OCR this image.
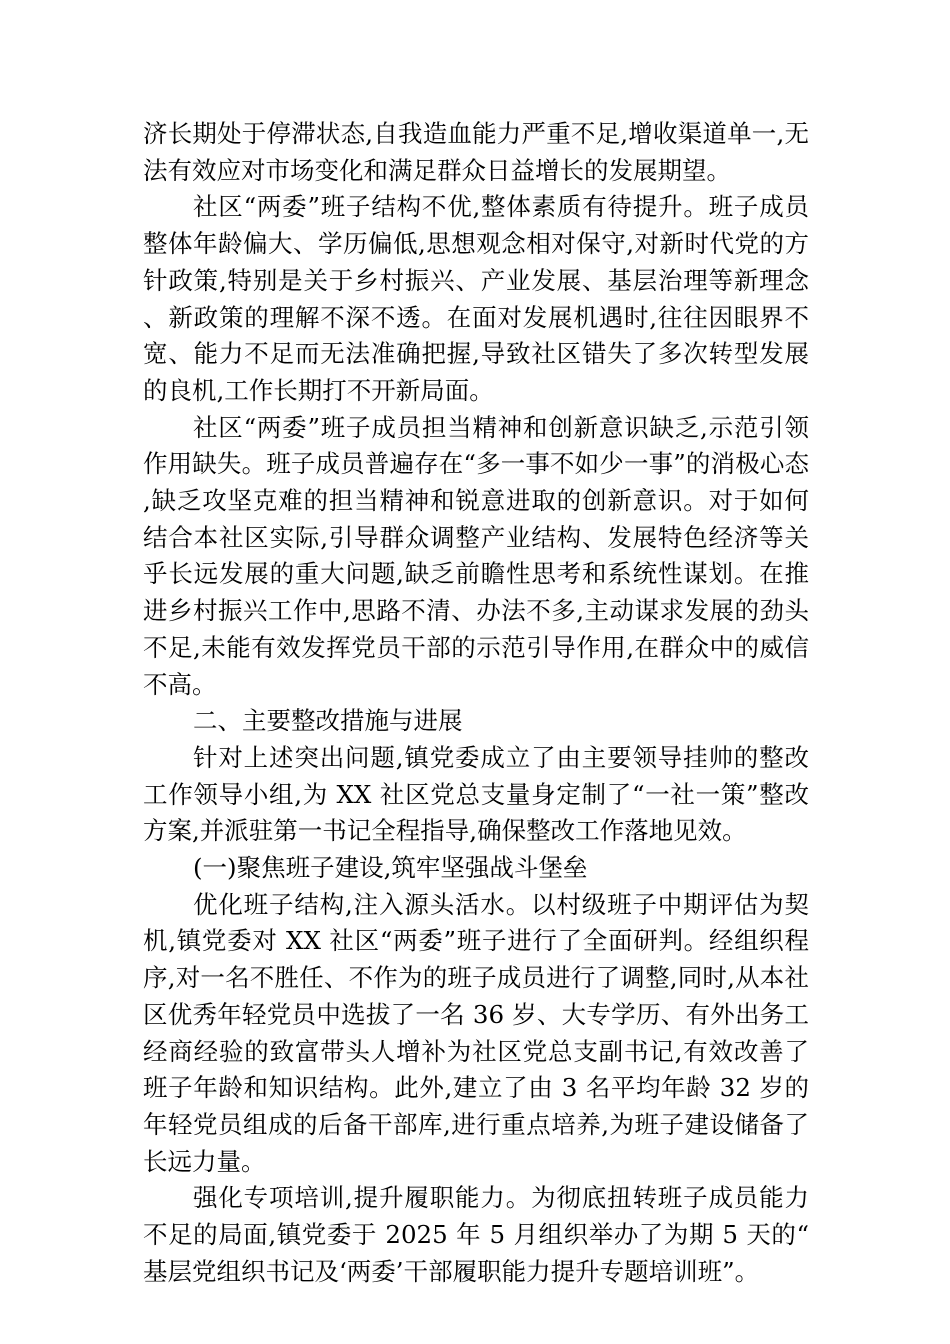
济长期处于停滞状态,自我造血能力严重不足,增收渠道单一,无法有效应对市场变化和满足群众日益增长的发展期望。

社区“两委”班子结构不优,整体素质有待提升。班子成员整体年龄偏大、学历偏低,思想观念相对保守,对新时代党的方针政策,特别是关于乡村振兴、产业发展、基层治理等新理念、新政策的理解不深不透。在面对发展机遇时,往往因眼界不宽、能力不足而无法准确把握,导致社区错失了多次转型发展的良机,工作长期打不开新局面。

社区“两委”班子成员担当精神和创新意识缺乏,示范引领作用缺失。班子成员普遍存在“多一事不如少一事”的消极心态,缺乏攻坚克难的担当精神和锐意进取的创新意识。对于如何结合本社区实际,引导群众调整产业结构、发展特色经济等关乎长远发展的重大问题,缺乏前瞻性思考和系统性谋划。在推进乡村振兴工作中,思路不清、办法不多,主动谋求发展的劲头不足,未能有效发挥党员干部的示范引导作用,在群众中的威信不高。

二、主要整改措施与进展

针对上述突出问题,镇党委成立了由主要领导挂帅的整改工作领导小组,为 XX 社区党总支量身定制了“一社一策”整改方案,并派驻第一书记全程指导,确保整改工作落地见效。

(一)聚焦班子建设,筑牢坚强战斗堡垒

优化班子结构,注入源头活水。以村级班子中期评估为契机,镇党委对 XX 社区“两委”班子进行了全面研判。经组织程序,对一名不胜任、不作为的班子成员进行了调整,同时,从本社区优秀年轻党员中选拔了一名 36 岁、大专学历、有外出务工经商经验的致富带头人增补为社区党总支副书记,有效改善了班子年龄和知识结构。此外,建立了由 3 名平均年龄 32 岁的年轻党员组成的后备干部库,进行重点培养,为班子建设储备了长远力量。

强化专项培训,提升履职能力。为彻底扭转班子成员能力不足的局面,镇党委于 2025 年 5 月组织举办了为期 5 天的“基层党组织书记及‘两委’干部履职能力提升专题培训班”。
